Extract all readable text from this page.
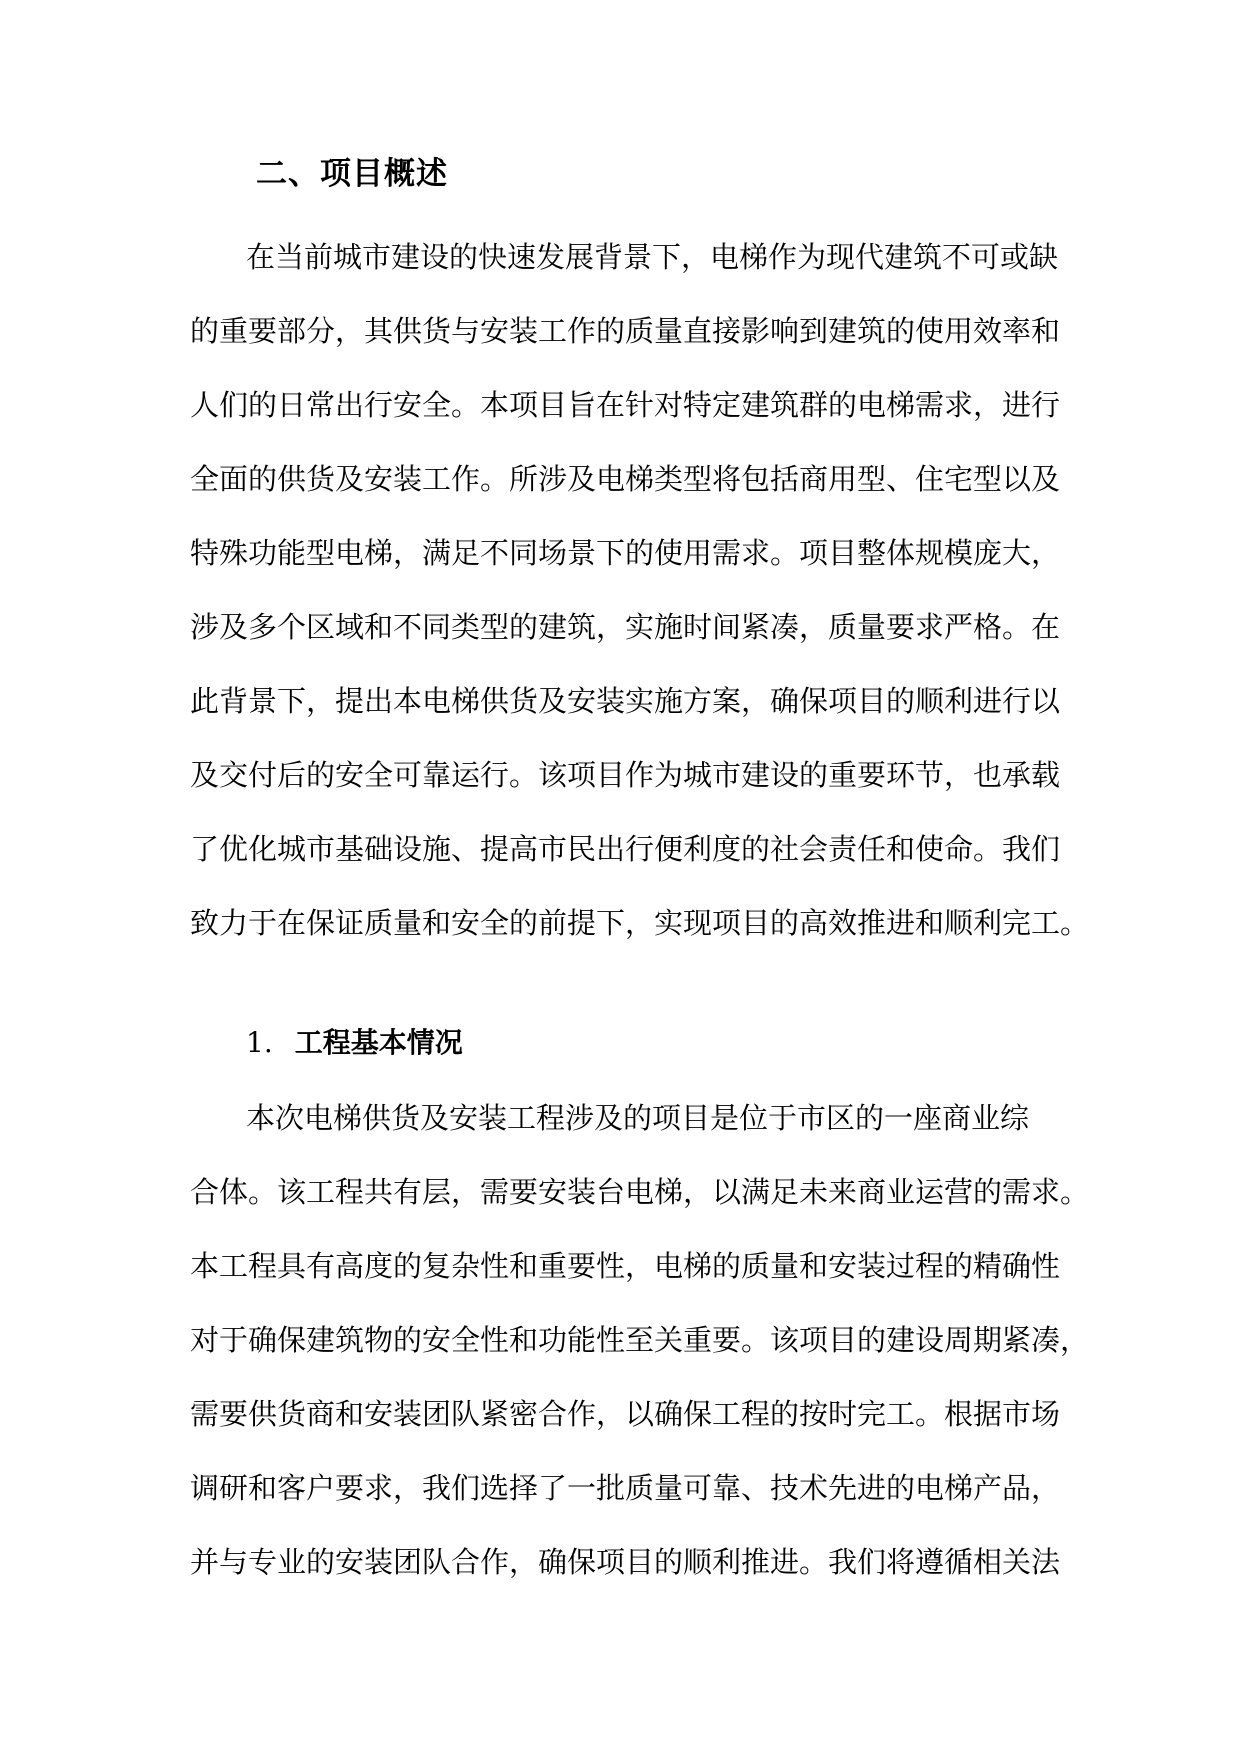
二、项目概述

在当前城市建设的快速发展背景下，电梯作为现代建筑不可或缺

的重要部分，其供货与安装工作的质量直接影响到建筑的使用效率和

人们的日常出行安全。本项目旨在针对特定建筑群的电梯需求，进行

全面的供货及安装工作。所涉及电梯类型将包括商用型、住宅型以及

特殊功能型电梯，满足不同场景下的使用需求。项目整体规模庞大，

涉及多个区域和不同类型的建筑，实施时间紧凑，质量要求严格。在

此背景下，提出本电梯供货及安装实施方案，确保项目的顺利进行以

及交付后的安全可靠运行。该项目作为城市建设的重要环节，也承载

了优化城市基础设施、提高市民出行便利度的社会责任和使命。我们

致力于在保证质量和安全的前提下，实现项目的高效推进和顺利完工。

1. 工程基本情况

本次电梯供货及安装工程涉及的项目是位于市区的一座商业综

合体。该工程共有层，需要安装台电梯，以满足未来商业运营的需求。

本工程具有高度的复杂性和重要性，电梯的质量和安装过程的精确性

对于确保建筑物的安全性和功能性至关重要。该项目的建设周期紧凑，

需要供货商和安装团队紧密合作，以确保工程的按时完工。根据市场

调研和客户要求，我们选择了一批质量可靠、技术先进的电梯产品，

并与专业的安装团队合作，确保项目的顺利推进。我们将遵循相关法
